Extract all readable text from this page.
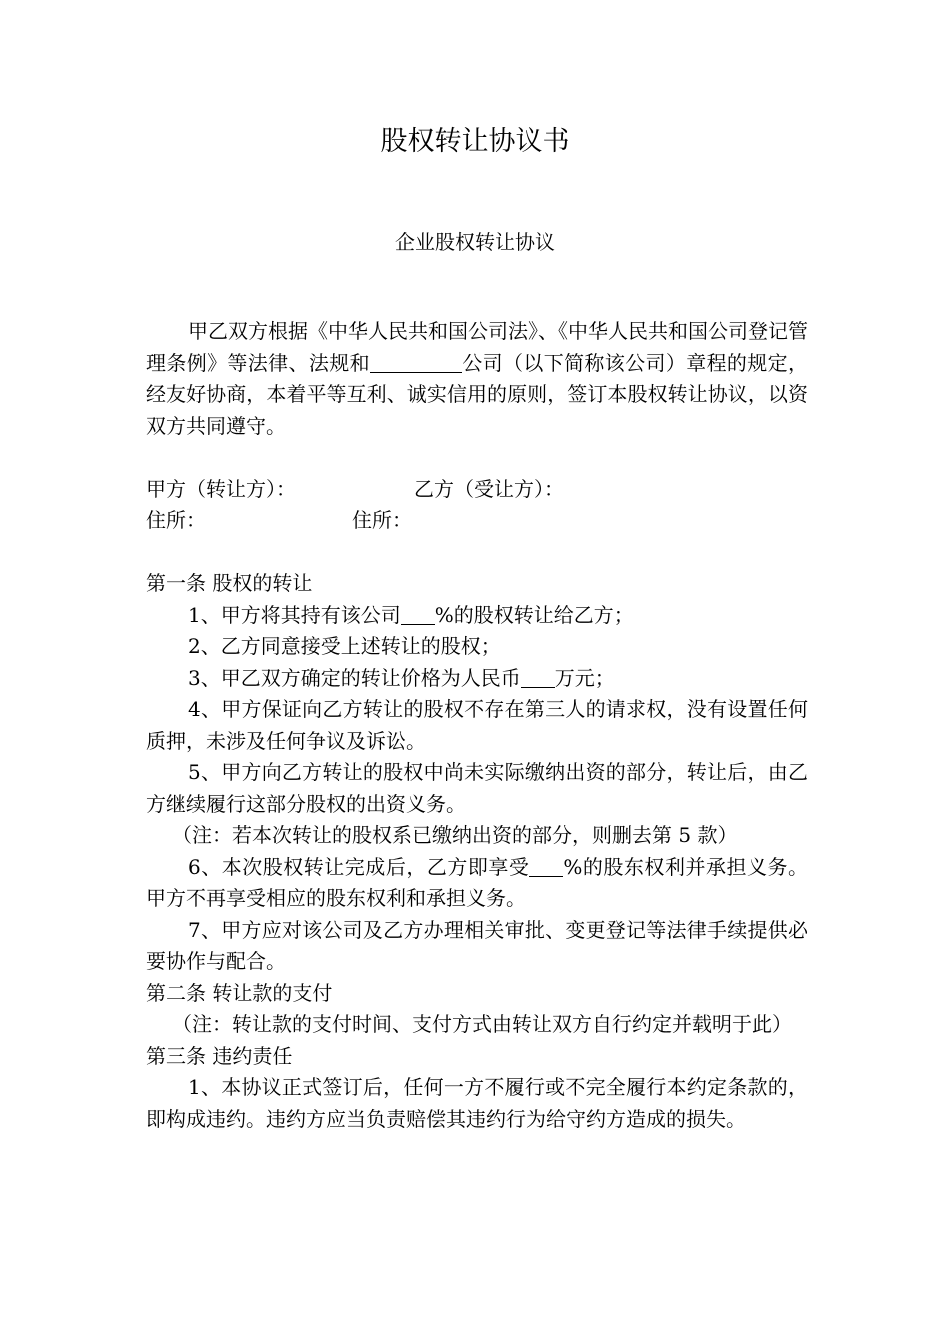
股权转让协议书
企业股权转让协议

甲乙双方根据《中华人民共和国公司法》、《中华人民共和国公司登记管理条例》等法律、法规和	公司（以下简称该公司）章程的规定，经友好协商，本着平等互利、诚实信用的原则，签订本股权转让协议，以资双方共同遵守。

甲方（转让方）：	乙方（受让方）：
住所：	住所：

第一条 股权的转让

1、甲方将其持有该公司 %的股权转让给乙方；

2、乙方同意接受上述转让的股权；

3、甲乙双方确定的转让价格为人民币 万元；

4、甲方保证向乙方转让的股权不存在第三人的请求权，没有设置任何质押，未涉及任何争议及诉讼。

5、甲方向乙方转让的股权中尚未实际缴纳出资的部分，转让后，由乙方继续履行这部分股权的出资义务。

（注：若本次转让的股权系已缴纳出资的部分，则删去第 5 款）

6、本次股权转让完成后，乙方即享受 %的股东权利并承担义务。甲方不再享受相应的股东权利和承担义务。

7、甲方应对该公司及乙方办理相关审批、变更登记等法律手续提供必要协作与配合。

第二条 转让款的支付

（注：转让款的支付时间、支付方式由转让双方自行约定并载明于此）

第三条 违约责任

1、本协议正式签订后，任何一方不履行或不完全履行本约定条款的，即构成违约。违约方应当负责赔偿其违约行为给守约方造成的损失。
